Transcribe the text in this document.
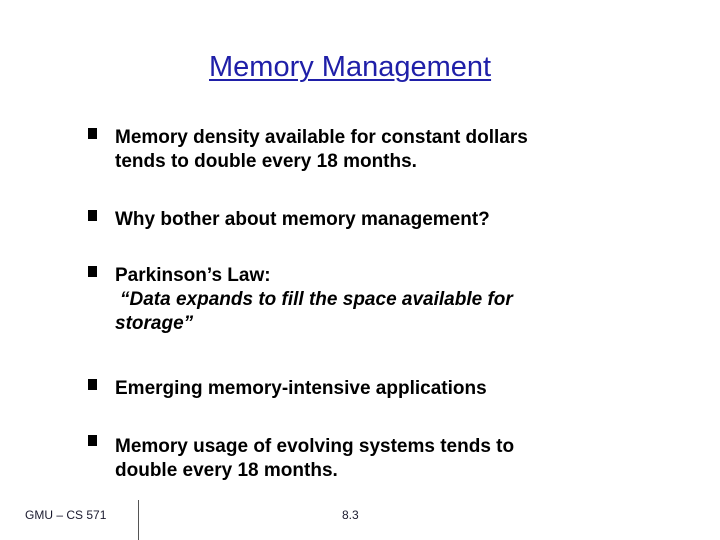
Memory Management

Memory density available for constant dollars
tends to double every 18 months.

Why bother about memory management?

Parkinson’s Law:
“Data expands to fill the space available for
storage”

Emerging memory-intensive applications

Memory usage of evolving systems tends to
double every 18 months.

GMU – CS 571	8.3
